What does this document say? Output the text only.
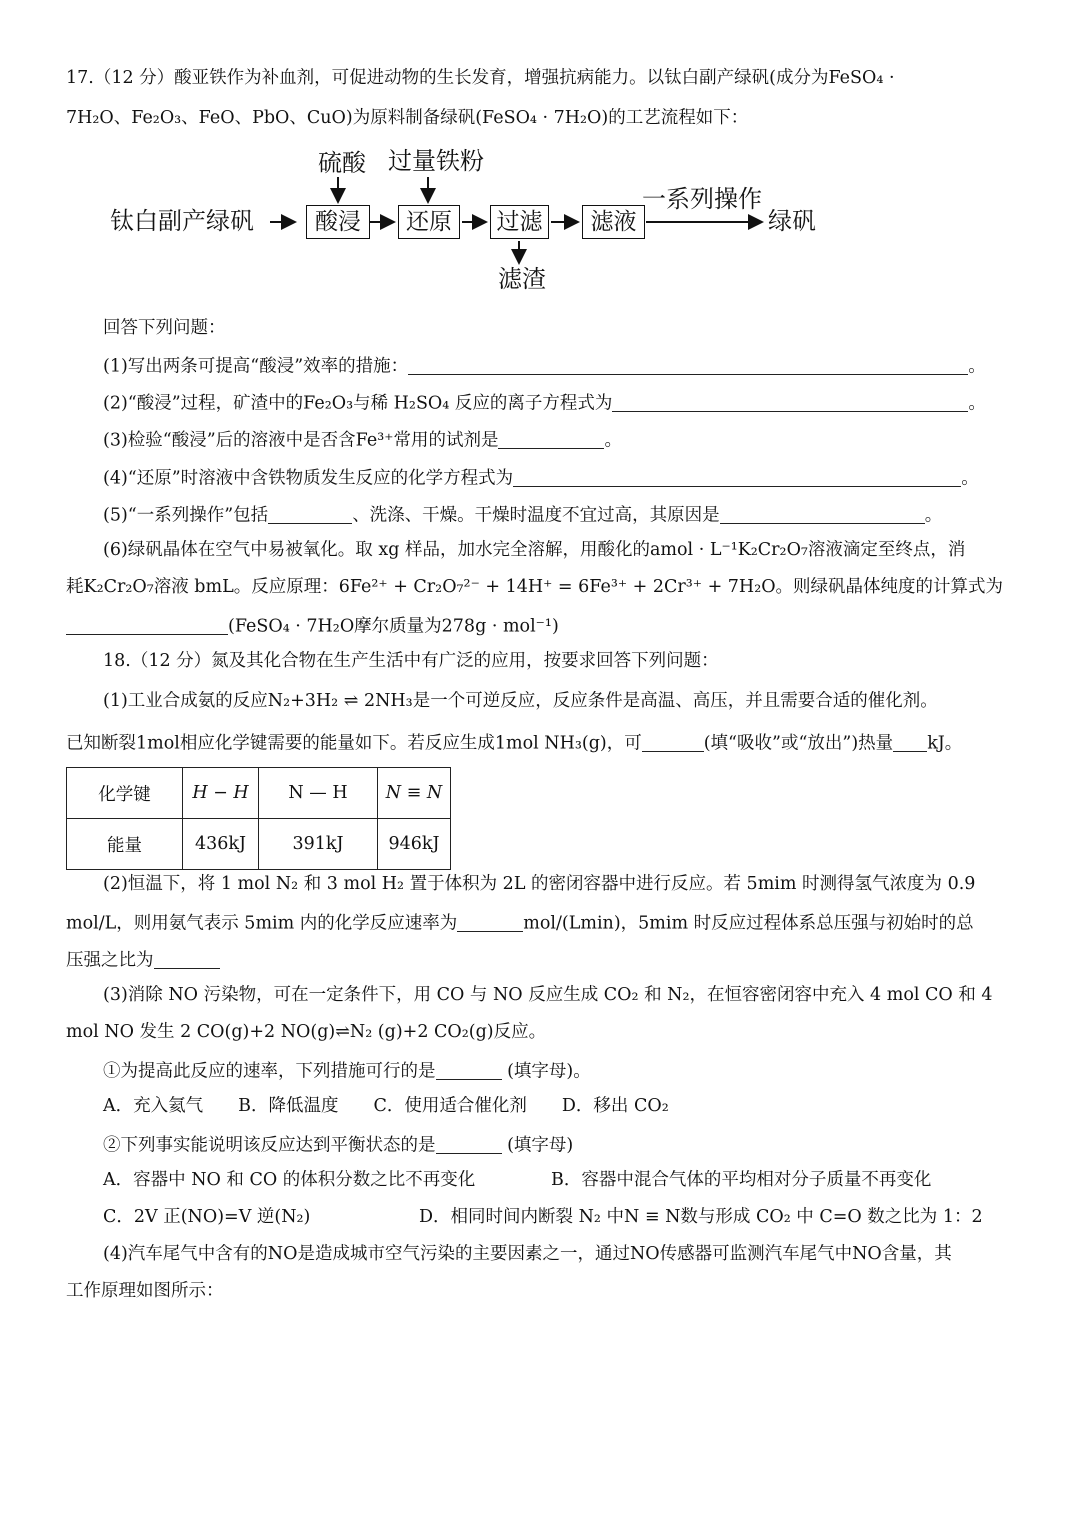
17.（12 分）酸亚铁作为补血剂，可促进动物的生长发育，增强抗病能力。以钛白副产绿矾(成分为FeSO₄ ·
7H₂O、Fe₂O₃、FeO、PbO、CuO)为原料制备绿矾(FeSO₄ · 7H₂O)的工艺流程如下：
钛白副产绿矾	酸浸
硫酸
还原
过量铁粉
过滤
滤渣
滤液
一系列操作
绿矾
回答下列问题：
(1)写出两条可提高“酸浸”效率的措施：	。
(2)“酸浸”过程，矿渣中的Fe₂O₃与稀 H₂SO₄ 反应的离子方程式为	。
(3)检验“酸浸”后的溶液中是否含Fe³⁺常用的试剂是	。
(4)“还原”时溶液中含铁物质发生反应的化学方程式为	。
(5)“一系列操作”包括	、洗涤、干燥。干燥时温度不宜过高，其原因是	。
(6)绿矾晶体在空气中易被氧化。取 xg 样品，加水完全溶解，用酸化的amol · L⁻¹K₂Cr₂O₇溶液滴定至终点，消
耗K₂Cr₂O₇溶液 bmL。反应原理：6Fe²⁺ + Cr₂O₇²⁻ + 14H⁺ = 6Fe³⁺ + 2Cr³⁺ + 7H₂O。则绿矾晶体纯度的计算式为
(FeSO₄ · 7H₂O摩尔质量为278g · mol⁻¹)
18.（12 分）氮及其化合物在生产生活中有广泛的应用，按要求回答下列问题：
(1)工业合成氨的反应N₂+3H₂ ⇌ 2NH₃是一个可逆反应，反应条件是高温、高压，并且需要合适的催化剂。
已知断裂1mol相应化学键需要的能量如下。若反应生成1mol NH₃(g)，可	(填“吸收”或“放出”)热量 kJ。
化学键	H − H	N — H	N ≡ N
能量	436kJ	391kJ	946kJ
(2)恒温下，将 1 mol N₂ 和 3 mol H₂ 置于体积为 2L 的密闭容器中进行反应。若 5mim 时测得氢气浓度为 0.9
mol/L，则用氨气表示 5mim 内的化学反应速率为	mol/(Lmin)，5mim 时反应过程体系总压强与初始时的总
压强之比为
(3)消除 NO 污染物，可在一定条件下，用 CO 与 NO 反应生成 CO₂ 和 N₂，在恒容密闭容中充入 4 mol CO 和 4
mol NO 发生 2 CO(g)+2 NO(g)⇌N₂ (g)+2 CO₂(g)反应。
①为提高此反应的速率，下列措施可行的是	(填字母)。
A．充入氦气　　B．降低温度　　C．使用适合催化剂　　D．移出 CO₂
②下列事实能说明该反应达到平衡状态的是	(填字母)
A．容器中 NO 和 CO 的体积分数之比不再变化	B．容器中混合气体的平均相对分子质量不再变化
C．2V 正(NO)=V 逆(N₂)	D．相同时间内断裂 N₂ 中N ≡ N数与形成 CO₂ 中 C=O 数之比为 1：2
(4)汽车尾气中含有的NO是造成城市空气污染的主要因素之一，通过NO传感器可监测汽车尾气中NO含量，其
工作原理如图所示：
